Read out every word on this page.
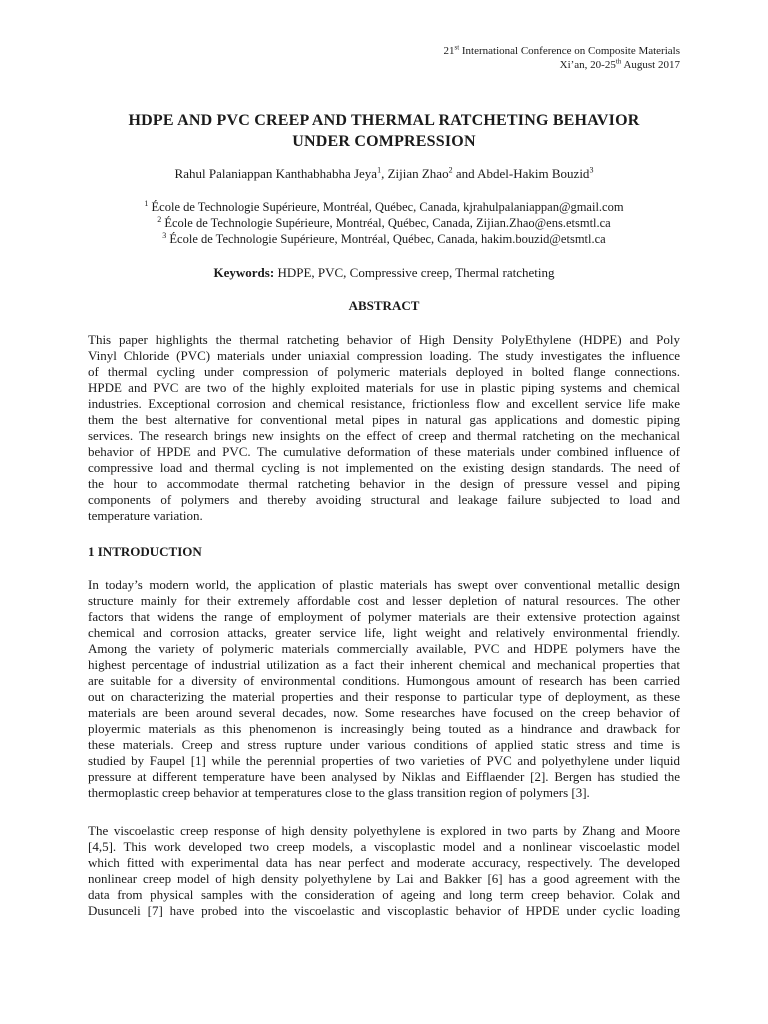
21st International Conference on Composite Materials
Xi’an, 20-25th August 2017
HDPE AND PVC CREEP AND THERMAL RATCHETING BEHAVIOR
UNDER COMPRESSION
Rahul Palaniappan Kanthabhabha Jeya$^1$, Zijian Zhao$^2$ and Abdel-Hakim Bouzid$^3$
$^1$ École de Technologie Supérieure, Montréal, Québec, Canada, kjrahulpalaniappan@gmail.com
$^2$ École de Technologie Supérieure, Montréal, Québec, Canada, Zijian.Zhao@ens.etsmtl.ca
$^3$ École de Technologie Supérieure, Montréal, Québec, Canada, hakim.bouzid@etsmtl.ca
Keywords: HDPE, PVC, Compressive creep, Thermal ratcheting
ABSTRACT
This paper highlights the thermal ratcheting behavior of High Density PolyEthylene (HDPE) and Poly
Vinyl Chloride (PVC) materials under uniaxial compression loading. The study investigates the influence
of thermal cycling under compression of polymeric materials deployed in bolted flange connections.
HPDE and PVC are two of the highly exploited materials for use in plastic piping systems and chemical
industries. Exceptional corrosion and chemical resistance, frictionless flow and excellent service life make
them the best alternative for conventional metal pipes in natural gas applications and domestic piping
services. The research brings new insights on the effect of creep and thermal ratcheting on the mechanical
behavior of HPDE and PVC. The cumulative deformation of these materials under combined influence of
compressive load and thermal cycling is not implemented on the existing design standards. The need of
the hour to accommodate thermal ratcheting behavior in the design of pressure vessel and piping
components of polymers and thereby avoiding structural and leakage failure subjected to load and
temperature variation.
1 INTRODUCTION
In today’s modern world, the application of plastic materials has swept over conventional metallic design
structure mainly for their extremely affordable cost and lesser depletion of natural resources. The other
factors that widens the range of employment of polymer materials are their extensive protection against
chemical and corrosion attacks, greater service life, light weight and relatively environmental friendly.
Among the variety of polymeric materials commercially available, PVC and HDPE polymers have the
highest percentage of industrial utilization as a fact their inherent chemical and mechanical properties that
are suitable for a diversity of environmental conditions. Humongous amount of research has been carried
out on characterizing the material properties and their response to particular type of deployment, as these
materials are been around several decades, now. Some researches have focused on the creep behavior of
ployermic materials as this phenomenon is increasingly being touted as a hindrance and drawback for
these materials. Creep and stress rupture under various conditions of applied static stress and time is
studied by Faupel [1] while the perennial properties of two varieties of PVC and polyethylene under liquid
pressure at different temperature have been analysed by Niklas and Eifflaender [2]. Bergen has studied the
thermoplastic creep behavior at temperatures close to the glass transition region of polymers [3].
The viscoelastic creep response of high density polyethylene is explored in two parts by Zhang and Moore
[4,5]. This work developed two creep models, a viscoplastic model and a nonlinear viscoelastic model
which fitted with experimental data has near perfect and moderate accuracy, respectively. The developed
nonlinear creep model of high density polyethylene by Lai and Bakker [6] has a good agreement with the
data from physical samples with the consideration of ageing and long term creep behavior. Colak and
Dusunceli [7] have probed into the viscoelastic and viscoplastic behavior of HPDE under cyclic loading
